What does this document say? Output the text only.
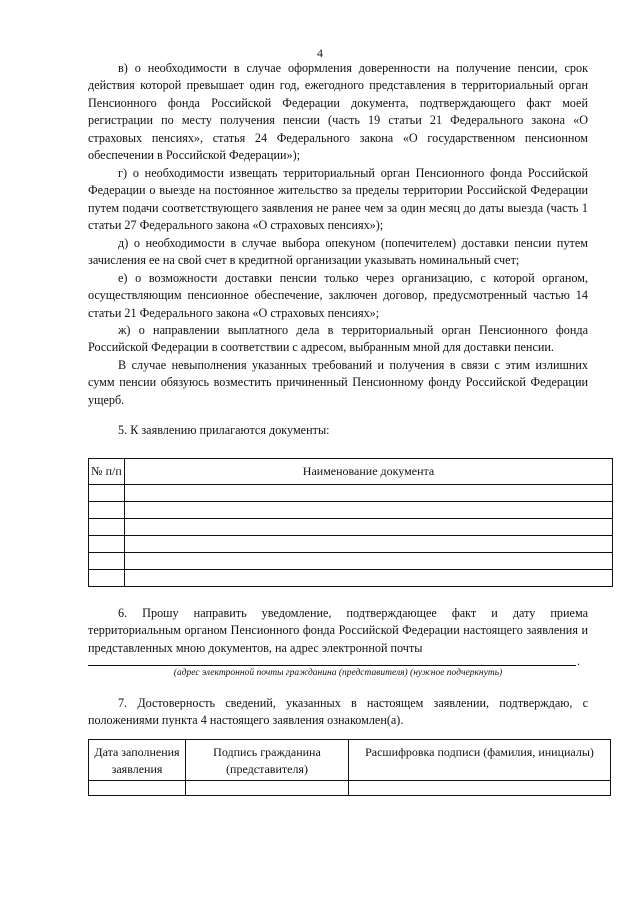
4

в) о необходимости в случае оформления доверенности на получение пенсии, срок действия которой превышает один год, ежегодного представления в территориальный орган Пенсионного фонда Российской Федерации документа, подтверждающего факт моей регистрации по месту получения пенсии (часть 19 статьи 21 Федерального закона «О страховых пенсиях», статья 24 Федерального закона «О государственном пенсионном обеспечении в Российской Федерации»);

г) о необходимости извещать территориальный орган Пенсионного фонда Российской Федерации о выезде на постоянное жительство за пределы территории Российской Федерации путем подачи соответствующего заявления не ранее чем за один месяц до даты выезда (часть 1 статьи 27 Федерального закона «О страховых пенсиях»);

д) о необходимости в случае выбора опекуном (попечителем) доставки пенсии путем зачисления ее на свой счет в кредитной организации указывать номинальный счет;

е) о возможности доставки пенсии только через организацию, с которой органом, осуществляющим пенсионное обеспечение, заключен договор, предусмотренный частью 14 статьи 21 Федерального закона «О страховых пенсиях»;

ж) о направлении выплатного дела в территориальный орган Пенсионного фонда Российской Федерации в соответствии с адресом, выбранным мной для доставки пенсии.

В случае невыполнения указанных требований и получения в связи с этим излишних сумм пенсии обязуюсь возместить причиненный Пенсионному фонду Российской Федерации ущерб.

5. К заявлению прилагаются документы:
№ п/п	Наименование документа

6. Прошу направить уведомление, подтверждающее факт и дату приема территориальным органом Пенсионного фонда Российской Федерации настоящего заявления и представленных мною документов, на адрес электронной почты

.
(адрес электронной почты гражданина (представителя) (нужное подчеркнуть)

7. Достоверность сведений, указанных в настоящем заявлении, подтверждаю, с положениями пункта 4 настоящего заявления ознакомлен(а).

Дата заполнения заявления	Подпись гражданина (представителя)	Расшифровка подписи (фамилия, инициалы)
